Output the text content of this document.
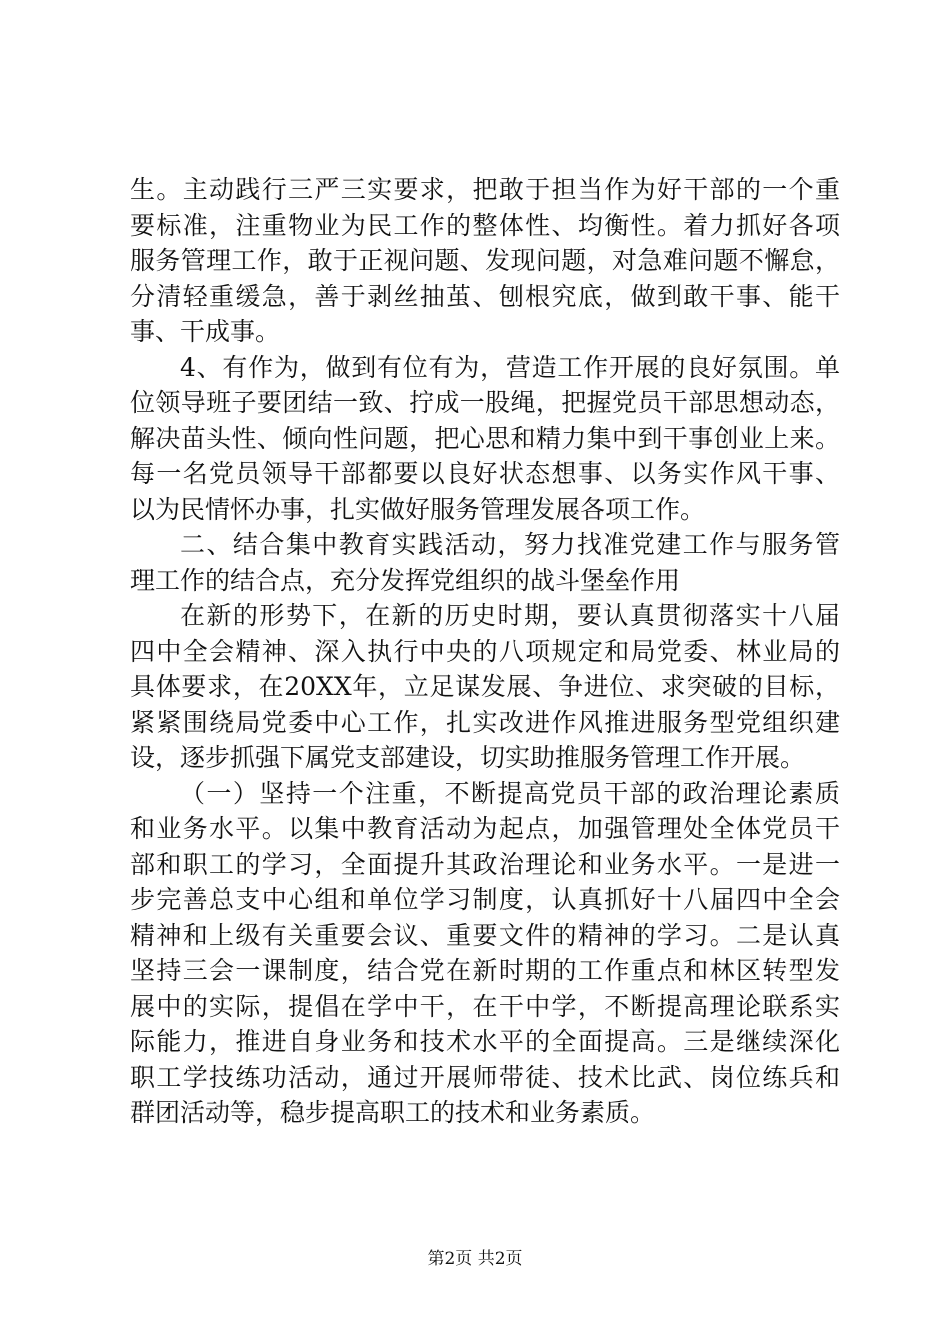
生。主动践行三严三实要求，把敢于担当作为好干部的一个重
要标准，注重物业为民工作的整体性、均衡性。着力抓好各项
服务管理工作，敢于正视问题、发现问题，对急难问题不懈怠，
分清轻重缓急，善于剥丝抽茧、刨根究底，做到敢干事、能干
事、干成事。
4、有作为，做到有位有为，营造工作开展的良好氛围。单
位领导班子要团结一致、拧成一股绳，把握党员干部思想动态，
解决苗头性、倾向性问题，把心思和精力集中到干事创业上来。
每一名党员领导干部都要以良好状态想事、以务实作风干事、
以为民情怀办事，扎实做好服务管理发展各项工作。
二、结合集中教育实践活动，努力找准党建工作与服务管
理工作的结合点，充分发挥党组织的战斗堡垒作用
在新的形势下，在新的历史时期，要认真贯彻落实十八届
四中全会精神、深入执行中央的八项规定和局党委、林业局的
具体要求，在20XX年，立足谋发展、争进位、求突破的目标，
紧紧围绕局党委中心工作，扎实改进作风推进服务型党组织建
设，逐步抓强下属党支部建设，切实助推服务管理工作开展。
（一）坚持一个注重，不断提高党员干部的政治理论素质
和业务水平。以集中教育活动为起点，加强管理处全体党员干
部和职工的学习，全面提升其政治理论和业务水平。一是进一
步完善总支中心组和单位学习制度，认真抓好十八届四中全会
精神和上级有关重要会议、重要文件的精神的学习。二是认真
坚持三会一课制度，结合党在新时期的工作重点和林区转型发
展中的实际，提倡在学中干，在干中学，不断提高理论联系实
际能力，推进自身业务和技术水平的全面提高。三是继续深化
职工学技练功活动，通过开展师带徒、技术比武、岗位练兵和
群团活动等，稳步提高职工的技术和业务素质。
第2页 共2页
